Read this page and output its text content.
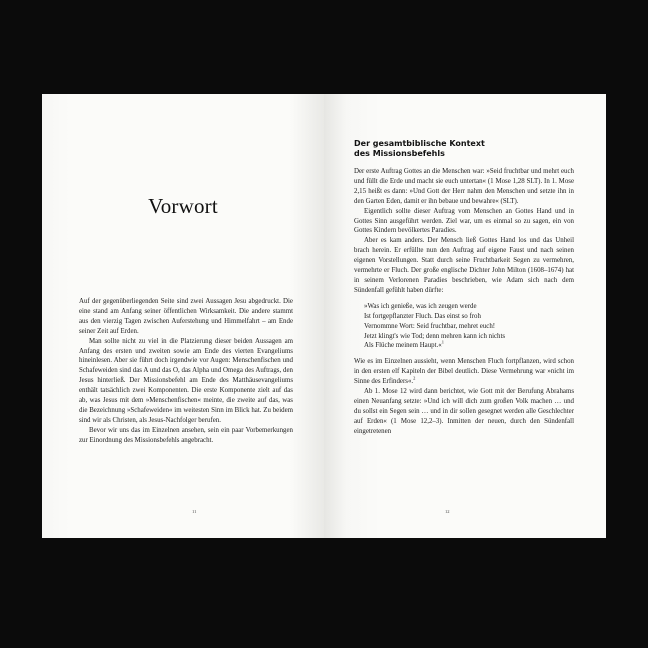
Vorwort

Auf der gegenüberliegenden Seite sind zwei Aussagen Jesu abgedruckt. Die eine stand am Anfang seiner öffentlichen Wirksamkeit. Die andere stammt aus den vierzig Tagen zwischen Auferstehung und Himmelfahrt – am Ende seiner Zeit auf Erden.

Man sollte nicht zu viel in die Platzierung dieser beiden Aussagen am Anfang des ersten und zweiten sowie am Ende des vierten Evangeliums hineinlesen. Aber sie führt doch irgendwie vor Augen: Menschenfischen und Schafeweiden sind das A und das O, das Alpha und Omega des Auftrags, den Jesus hinterließ. Der Missionsbefehl am Ende des Matthäusevangeliums enthält tatsächlich zwei Komponenten. Die erste Komponente zielt auf das ab, was Jesus mit dem »Menschenfischen« meinte, die zweite auf das, was die Bezeichnung »Schafeweiden« im weitesten Sinn im Blick hat. Zu beidem sind wir als Christen, als Jesus-Nachfolger berufen.

Bevor wir uns das im Einzelnen ansehen, sein ein paar Vorbemerkungen zur Einordnung des Missionsbefehls angebracht.

11
Der gesamtbiblische Kontext
des Missionsbefehls

Der erste Auftrag Gottes an die Menschen war: »Seid fruchtbar und mehrt euch und füllt die Erde und macht sie euch untertan« (1 Mose 1,28 SLT). In 1. Mose 2,15 heißt es dann: »Und Gott der Herr nahm den Menschen und setzte ihn in den Garten Eden, damit er ihn bebaue und bewahre« (SLT).

Eigentlich sollte dieser Auftrag vom Menschen an Gottes Hand und in Gottes Sinn ausgeführt werden. Ziel war, um es einmal so zu sagen, ein von Gottes Kindern bevölkertes Paradies.

Aber es kam anders. Der Mensch ließ Gottes Hand los und das Unheil brach herein. Er erfüllte nun den Auftrag auf eigene Faust und nach seinen eigenen Vorstellungen. Statt durch seine Fruchtbarkeit Segen zu vermehren, vermehrte er Fluch. Der große englische Dichter John Milton (1608–1674) hat in seinem Verlorenen Paradies beschrieben, wie Adam sich nach dem Sündenfall gefühlt haben dürfte:

»Was ich genieße, was ich zeugen werde
Ist fortgepflanzter Fluch. Das einst so froh
Vernommne Wort: Seid fruchtbar, mehret euch!
Jetzt klingt's wie Tod; denn mehren kann ich nichts
Als Flüche meinem Haupt.«$^1$

Wie es im Einzelnen aussieht, wenn Menschen Fluch fortpflanzen, wird schon in den ersten elf Kapiteln der Bibel deutlich. Diese Vermehrung war »nicht im Sinne des Erfinders«.$^2$

Ab 1. Mose 12 wird dann berichtet, wie Gott mit der Berufung Abrahams einen Neuanfang setzte: »Und ich will dich zum großen Volk machen … und du sollst ein Segen sein … und in dir sollen gesegnet werden alle Geschlechter auf Erden« (1 Mose 12,2–3). Inmitten der neuen, durch den Sündenfall eingetretenen

12
